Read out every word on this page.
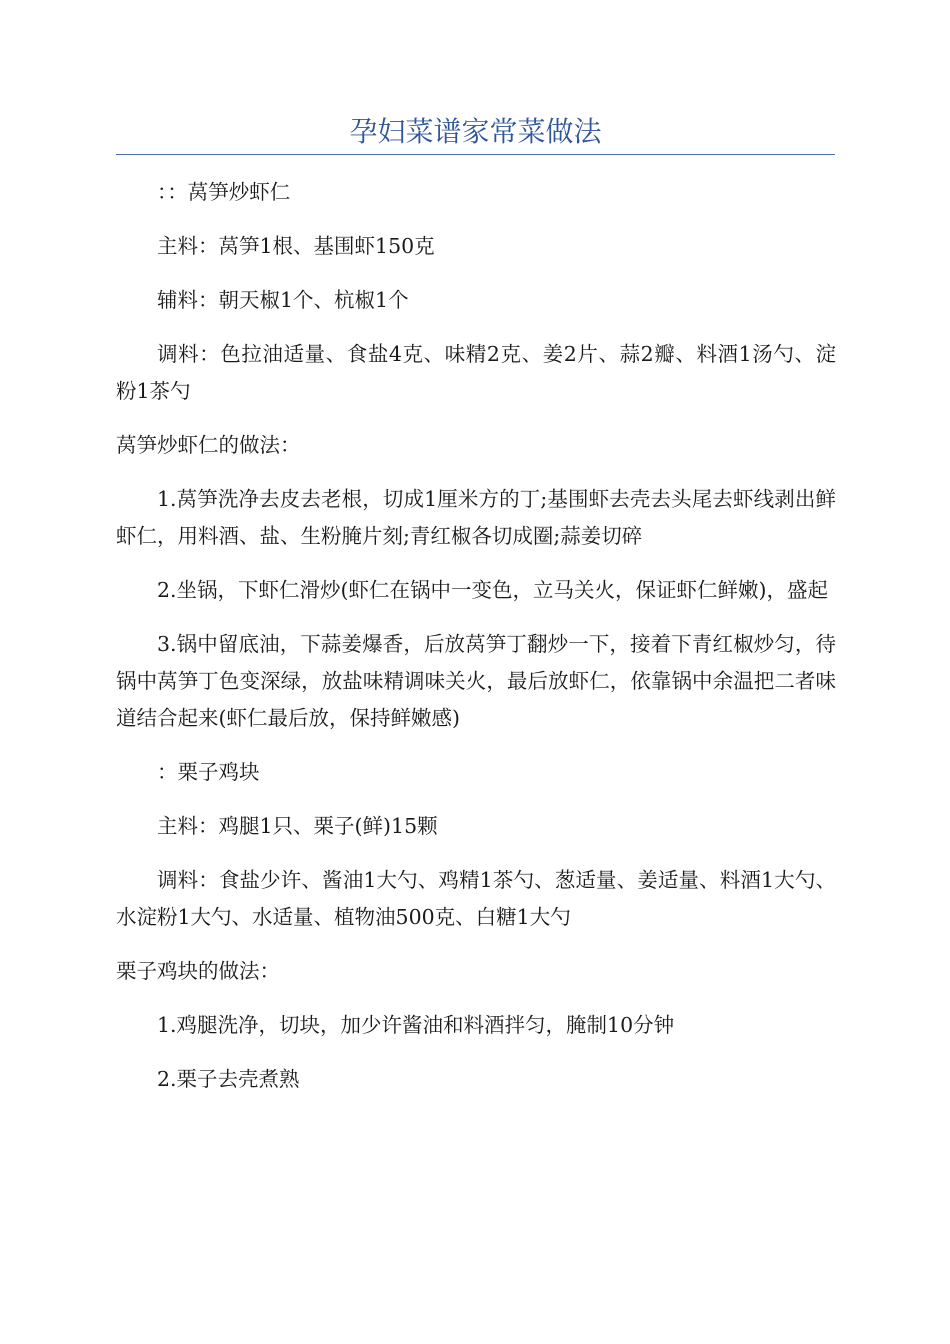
孕妇菜谱家常菜做法

：：莴笋炒虾仁

主料：莴笋1根、基围虾150克

辅料：朝天椒1个、杭椒1个

调料：色拉油适量、食盐4克、味精2克、姜2片、蒜2瓣、料酒1汤勺、淀粉1茶勺

莴笋炒虾仁的做法：

1.莴笋洗净去皮去老根，切成1厘米方的丁;基围虾去壳去头尾去虾线剥出鲜虾仁，用料酒、盐、生粉腌片刻;青红椒各切成圈;蒜姜切碎

2.坐锅，下虾仁滑炒(虾仁在锅中一变色，立马关火，保证虾仁鲜嫩)，盛起

3.锅中留底油，下蒜姜爆香，后放莴笋丁翻炒一下，接着下青红椒炒匀，待锅中莴笋丁色变深绿，放盐味精调味关火，最后放虾仁，依靠锅中余温把二者味道结合起来(虾仁最后放，保持鲜嫩感)

：栗子鸡块

主料：鸡腿1只、栗子(鲜)15颗

调料：食盐少许、酱油1大勺、鸡精1茶勺、葱适量、姜适量、料酒1大勺、水淀粉1大勺、水适量、植物油500克、白糖1大勺

栗子鸡块的做法：

1.鸡腿洗净，切块，加少许酱油和料酒拌匀，腌制10分钟

2.栗子去壳煮熟
